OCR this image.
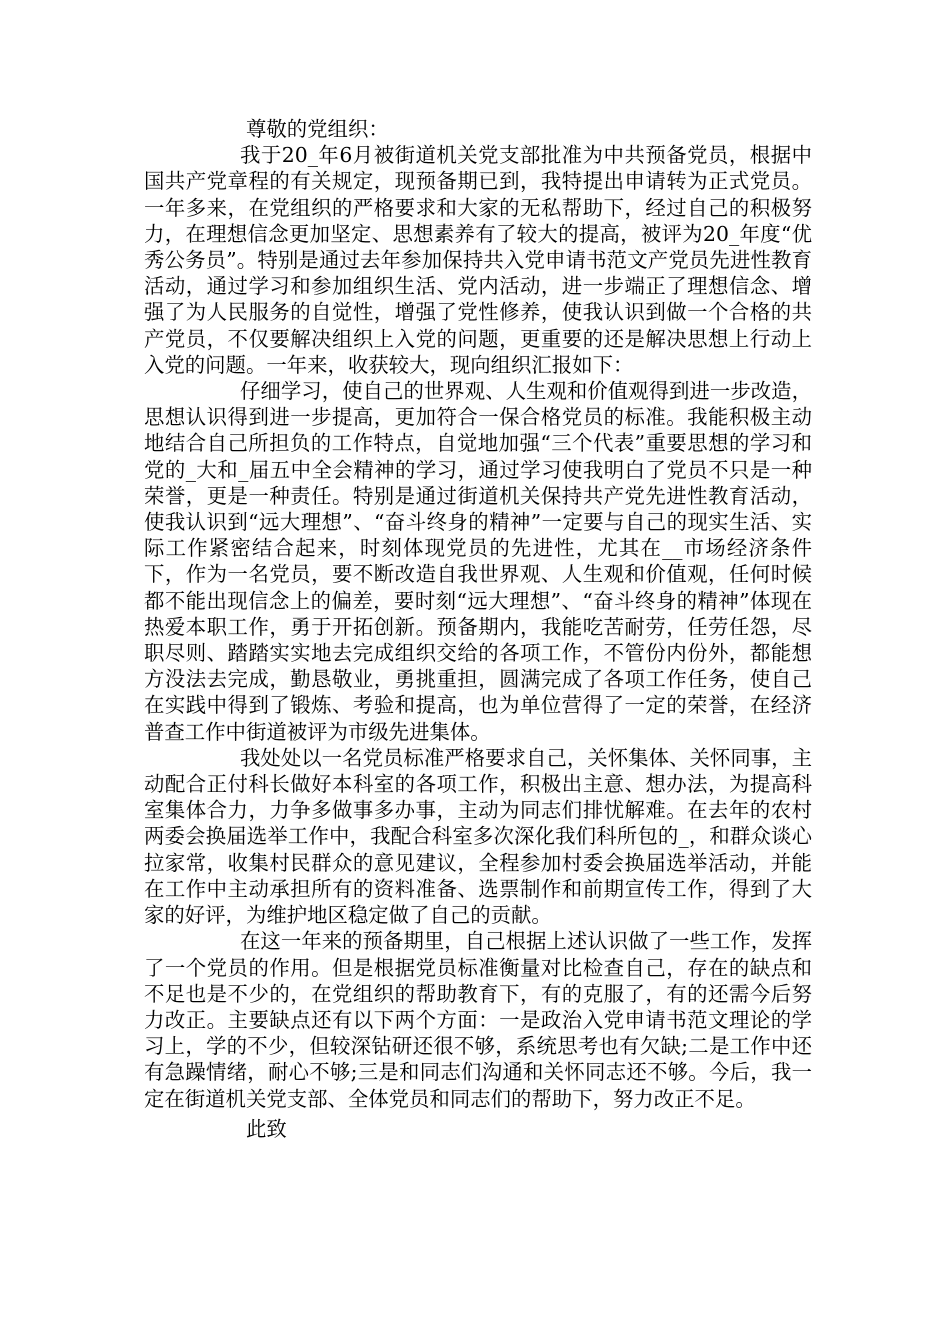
尊敬的党组织：

我于20_年6月被街道机关党支部批准为中共预备党员，根据中国共产党章程的有关规定，现预备期已到，我特提出申请转为正式党员。一年多来，在党组织的严格要求和大家的无私帮助下，经过自己的积极努力，在理想信念更加坚定、思想素养有了较大的提高，被评为20_年度“优秀公务员”。特别是通过去年参加保持共入党申请书范文产党员先进性教育活动，通过学习和参加组织生活、党内活动，进一步端正了理想信念、增强了为人民服务的自觉性，增强了党性修养，使我认识到做一个合格的共产党员，不仅要解决组织上入党的问题，更重要的还是解决思想上行动上入党的问题。一年来，收获较大，现向组织汇报如下：

仔细学习，使自己的世界观、人生观和价值观得到进一步改造，思想认识得到进一步提高，更加符合一保合格党员的标准。我能积极主动地结合自己所担负的工作特点，自觉地加强“三个代表”重要思想的学习和党的_大和_届五中全会精神的学习，通过学习使我明白了党员不只是一种荣誉，更是一种责任。特别是通过街道机关保持共产党先进性教育活动，使我认识到“远大理想”、“奋斗终身的精神”一定要与自己的现实生活、实际工作紧密结合起来，时刻体现党员的先进性，尤其在__市场经济条件下，作为一名党员，要不断改造自我世界观、人生观和价值观，任何时候都不能出现信念上的偏差，要时刻“远大理想”、“奋斗终身的精神”体现在热爱本职工作，勇于开拓创新。预备期内，我能吃苦耐劳，任劳任怨，尽职尽则、踏踏实实地去完成组织交给的各项工作，不管份内份外，都能想方没法去完成，勤恳敬业，勇挑重担，圆满完成了各项工作任务，使自己在实践中得到了锻炼、考验和提高，也为单位营得了一定的荣誉，在经济普查工作中街道被评为市级先进集体。

我处处以一名党员标准严格要求自己，关怀集体、关怀同事，主动配合正付科长做好本科室的各项工作，积极出主意、想办法，为提高科室集体合力，力争多做事多办事，主动为同志们排忧解难。在去年的农村两委会换届选举工作中，我配合科室多次深化我们科所包的_，和群众谈心拉家常，收集村民群众的意见建议，全程参加村委会换届选举活动，并能在工作中主动承担所有的资料准备、选票制作和前期宣传工作，得到了大家的好评，为维护地区稳定做了自己的贡献。

在这一年来的预备期里，自己根据上述认识做了一些工作，发挥了一个党员的作用。但是根据党员标准衡量对比检查自己，存在的缺点和不足也是不少的，在党组织的帮助教育下，有的克服了，有的还需今后努力改正。主要缺点还有以下两个方面：一是政治入党申请书范文理论的学习上，学的不少，但较深钻研还很不够，系统思考也有欠缺;二是工作中还有急躁情绪，耐心不够;三是和同志们沟通和关怀同志还不够。今后，我一定在街道机关党支部、全体党员和同志们的帮助下，努力改正不足。

此致
